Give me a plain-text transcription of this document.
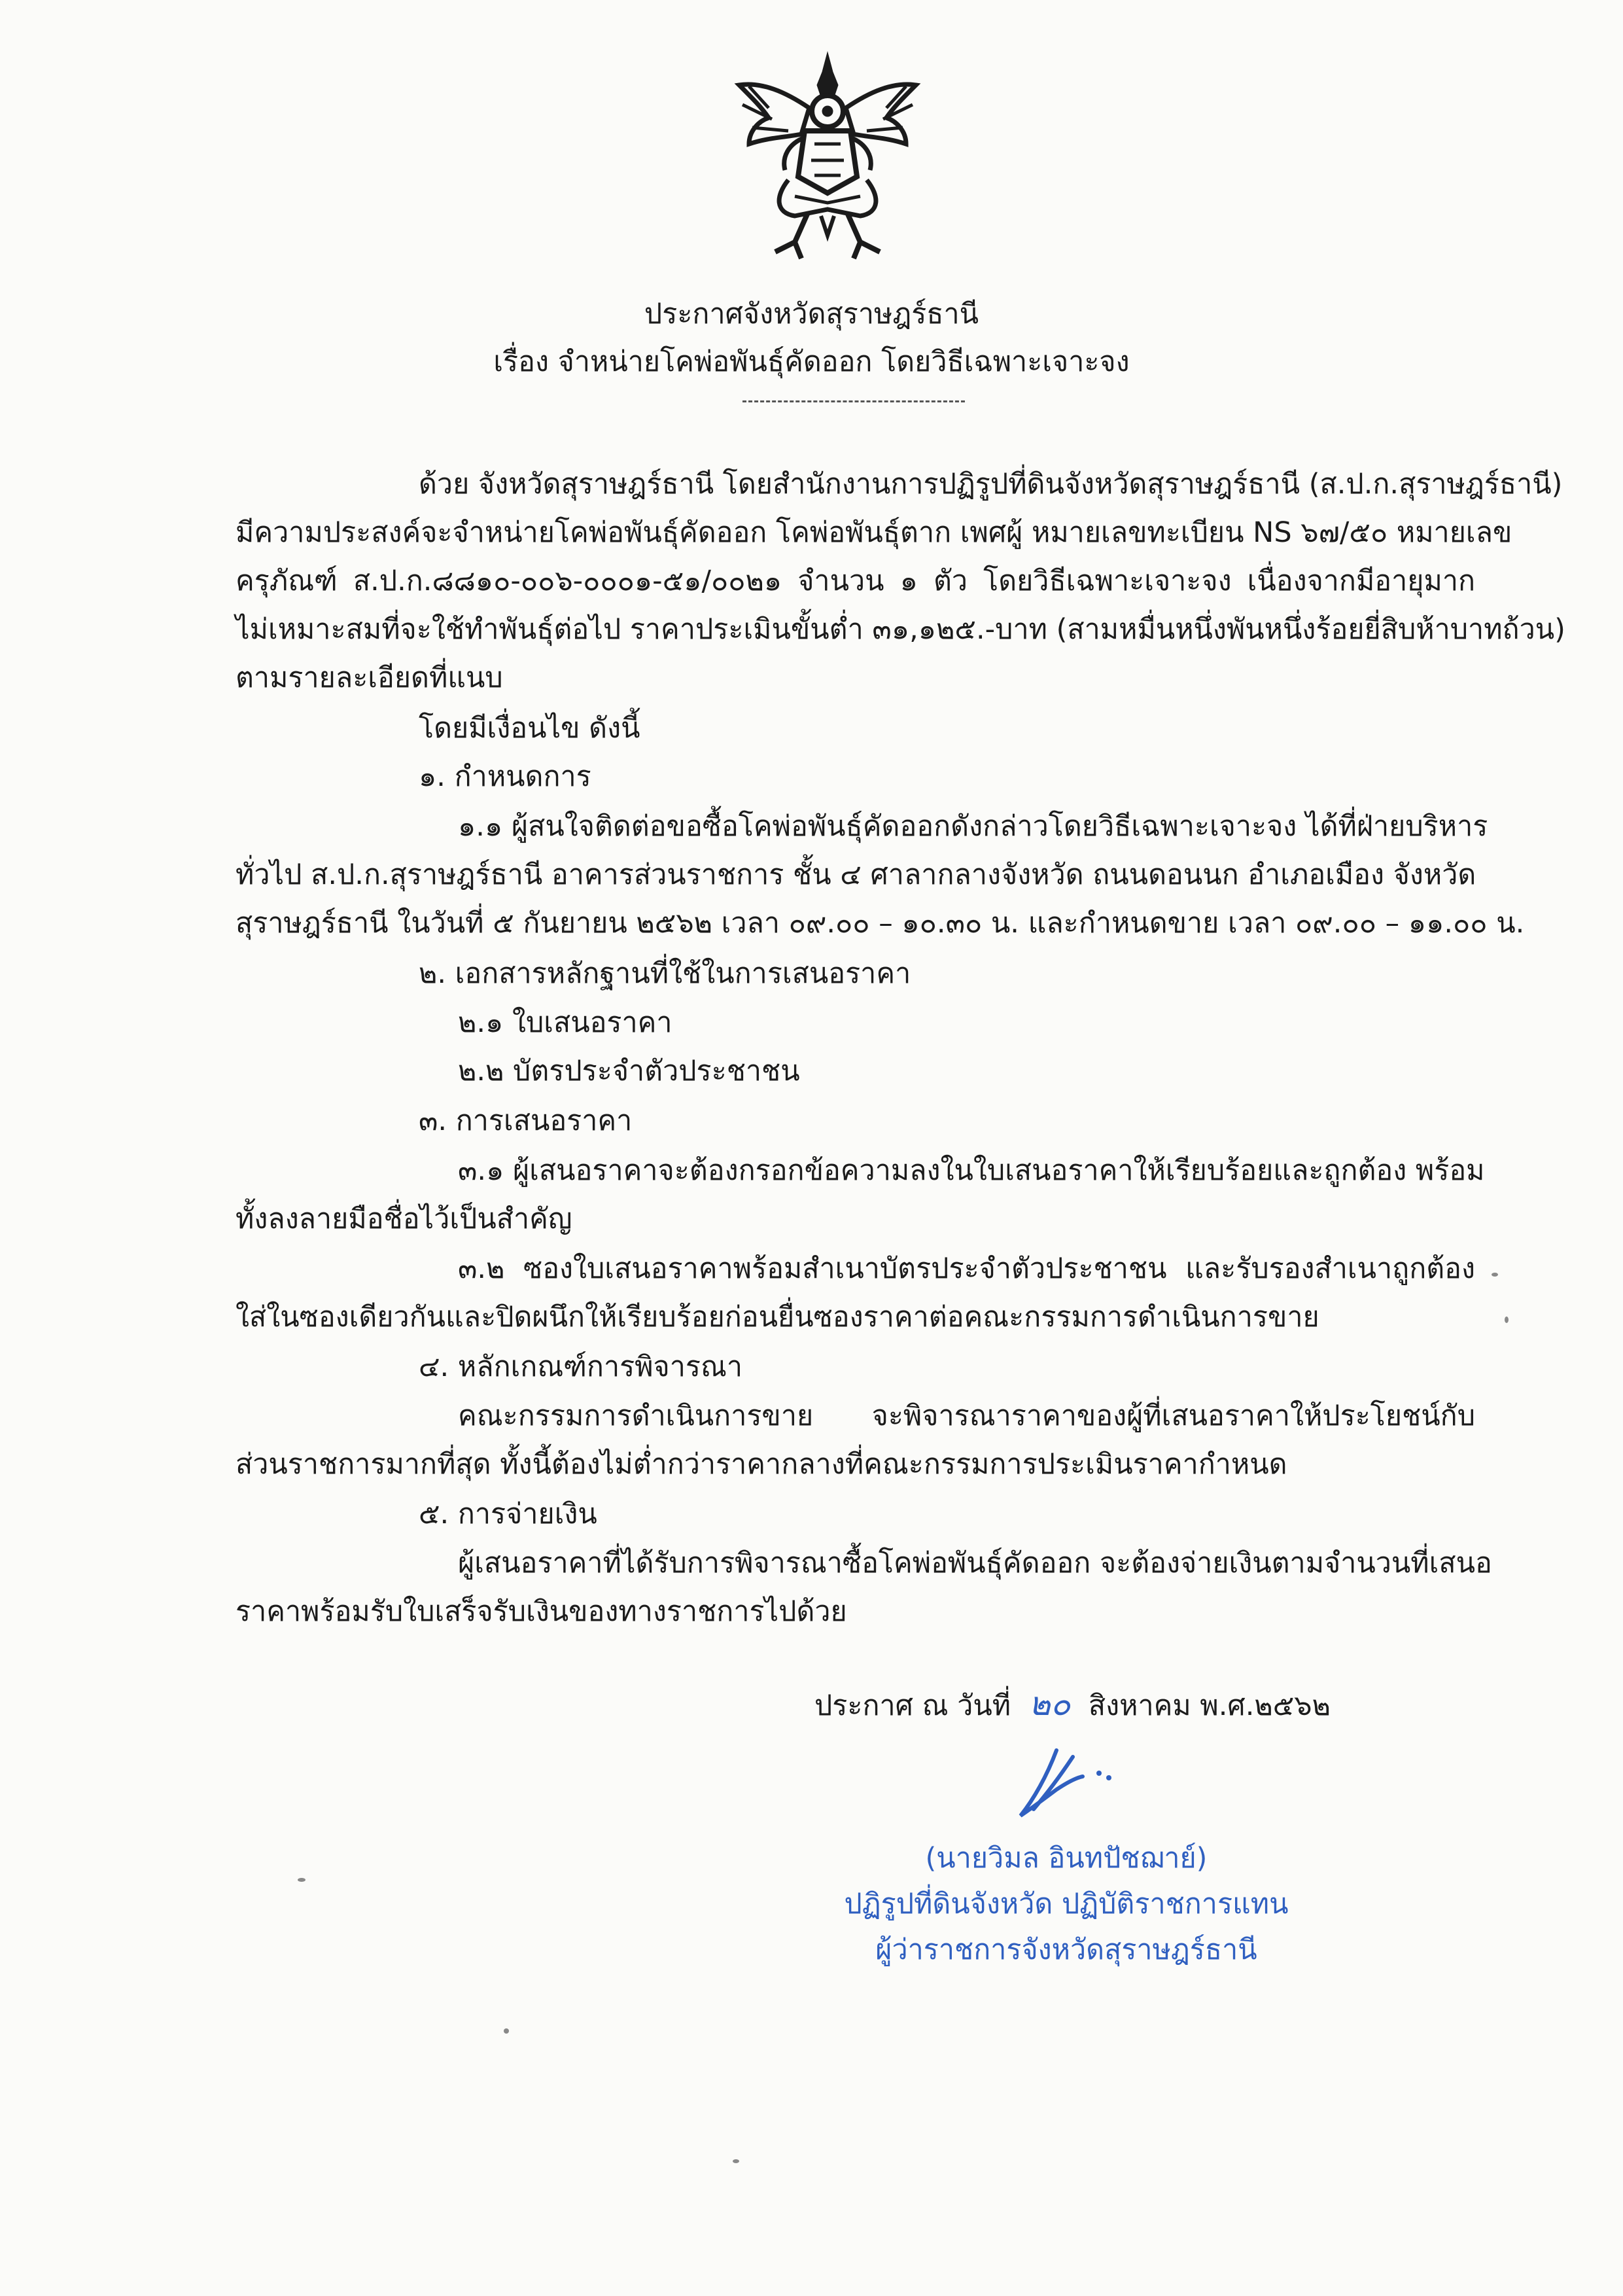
ประกาศจังหวัดสุราษฎร์ธานี
เรื่อง จำหน่ายโคพ่อพันธุ์คัดออก โดยวิธีเฉพาะเจาะจง
ด้วย จังหวัดสุราษฎร์ธานี โดยสำนักงานการปฏิรูปที่ดินจังหวัดสุราษฎร์ธานี (ส.ป.ก.สุราษฎร์ธานี)
มีความประสงค์จะจำหน่ายโคพ่อพันธุ์คัดออก โคพ่อพันธุ์ตาก เพศผู้ หมายเลขทะเบียน NS ๖๗/๕๐ หมายเลข
ครุภัณฑ์ ส.ป.ก.๘๘๑๐-๐๐๖-๐๐๐๑-๕๑/๐๐๒๑ จำนวน ๑ ตัว โดยวิธีเฉพาะเจาะจง เนื่องจากมีอายุมาก
ไม่เหมาะสมที่จะใช้ทำพันธุ์ต่อไป ราคาประเมินขั้นต่ำ ๓๑,๑๒๕.-บาท (สามหมื่นหนึ่งพันหนึ่งร้อยยี่สิบห้าบาทถ้วน)
ตามรายละเอียดที่แนบ
โดยมีเงื่อนไข ดังนี้
๑. กำหนดการ
๑.๑ ผู้สนใจติดต่อขอซื้อโคพ่อพันธุ์คัดออกดังกล่าวโดยวิธีเฉพาะเจาะจง ได้ที่ฝ่ายบริหาร
ทั่วไป ส.ป.ก.สุราษฎร์ธานี อาคารส่วนราชการ ชั้น ๔ ศาลากลางจังหวัด ถนนดอนนก อำเภอเมือง จังหวัด
สุราษฎร์ธานี ในวันที่ ๕ กันยายน ๒๕๖๒ เวลา ๐๙.๐๐ – ๑๐.๓๐ น. และกำหนดขาย เวลา ๐๙.๐๐ – ๑๑.๐๐ น.
๒. เอกสารหลักฐานที่ใช้ในการเสนอราคา
๒.๑ ใบเสนอราคา
๒.๒ บัตรประจำตัวประชาชน
๓. การเสนอราคา
๓.๑ ผู้เสนอราคาจะต้องกรอกข้อความลงในใบเสนอราคาให้เรียบร้อยและถูกต้อง พร้อม
ทั้งลงลายมือชื่อไว้เป็นสำคัญ
๓.๒ ซองใบเสนอราคาพร้อมสำเนาบัตรประจำตัวประชาชน และรับรองสำเนาถูกต้อง
ใส่ในซองเดียวกันและปิดผนึกให้เรียบร้อยก่อนยื่นซองราคาต่อคณะกรรมการดำเนินการขาย
๔. หลักเกณฑ์การพิจารณา
คณะกรรมการดำเนินการขาย จะพิจารณาราคาของผู้ที่เสนอราคาให้ประโยชน์กับ
ส่วนราชการมากที่สุด ทั้งนี้ต้องไม่ต่ำกว่าราคากลางที่คณะกรรมการประเมินราคากำหนด
๕. การจ่ายเงิน
ผู้เสนอราคาที่ได้รับการพิจารณาซื้อโคพ่อพันธุ์คัดออก จะต้องจ่ายเงินตามจำนวนที่เสนอ
ราคาพร้อมรับใบเสร็จรับเงินของทางราชการไปด้วย
ประกาศ ณ วันที่ ๒๐ สิงหาคม พ.ศ.๒๕๖๒
(นายวิมล อินทปัชฌาย์)
ปฏิรูปที่ดินจังหวัด ปฏิบัติราชการแทน
ผู้ว่าราชการจังหวัดสุราษฎร์ธานี
